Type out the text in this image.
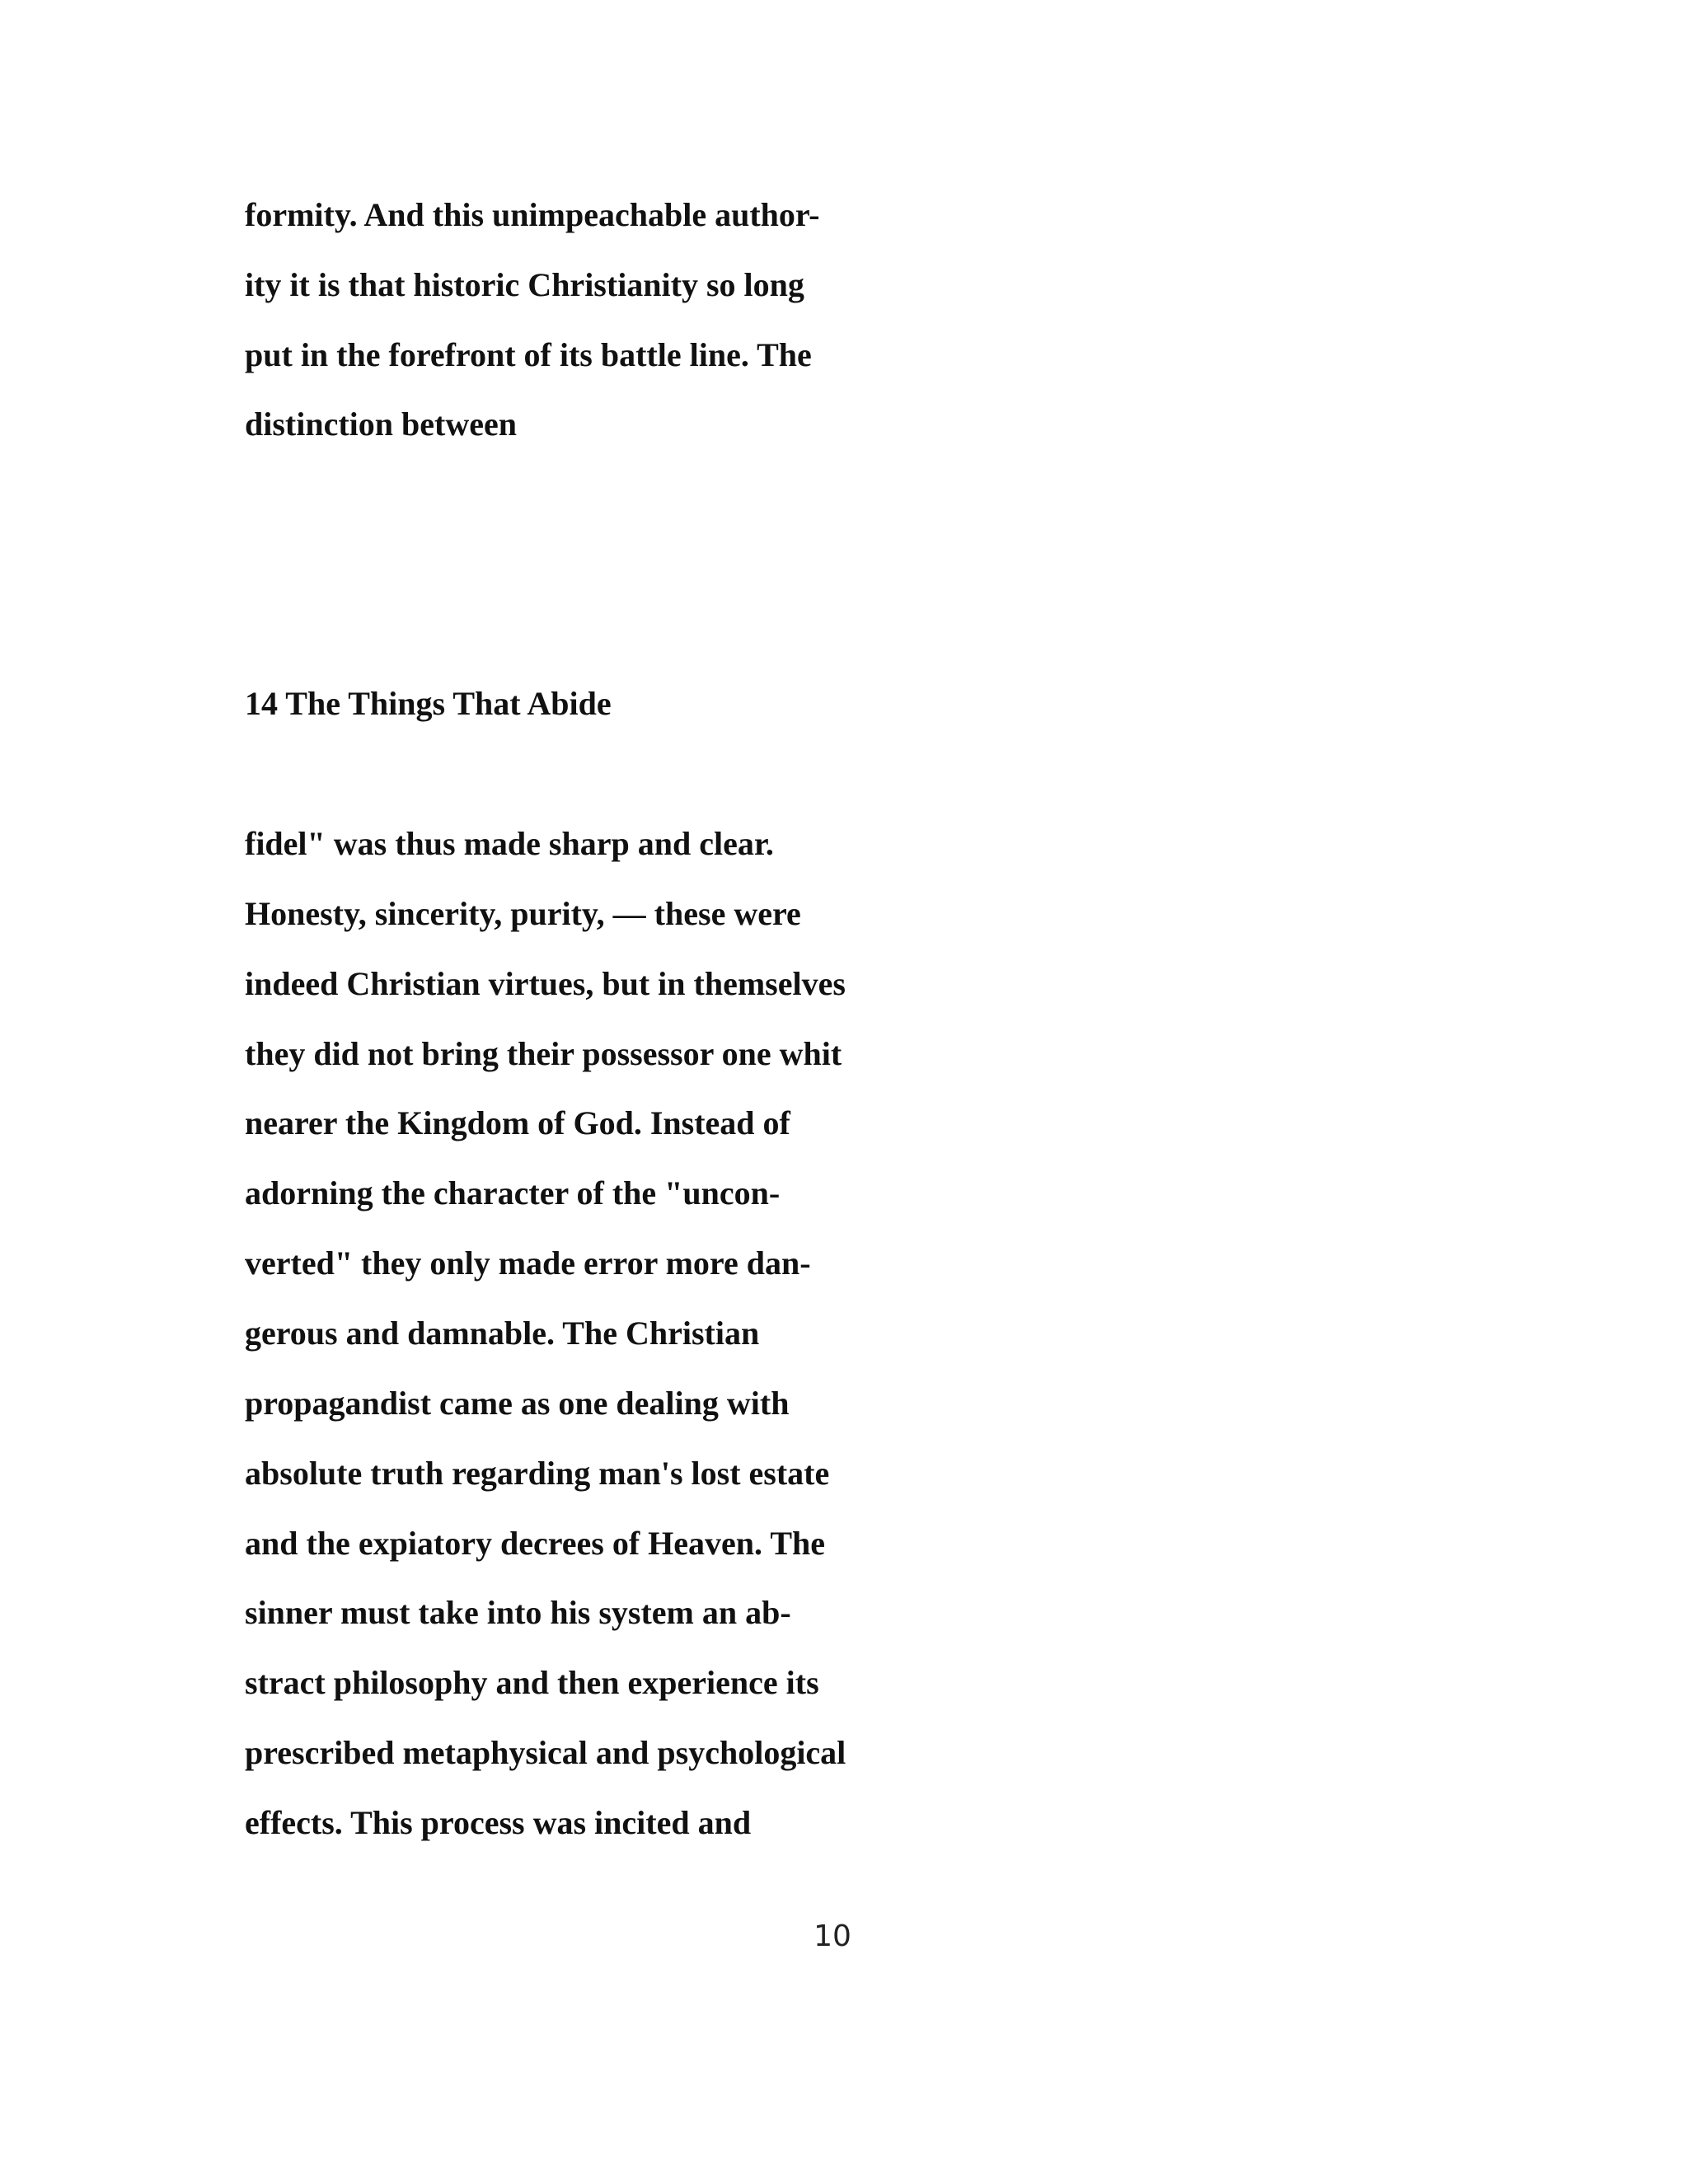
formity. And this unimpeachable author-

ity it is that historic Christianity so long

put in the forefront of its battle line. The

distinction between

14 The Things That Abide

fidel" was thus made sharp and clear.

Honesty, sincerity, purity, — these were

indeed Christian virtues, but in themselves

they did not bring their possessor one whit

nearer the Kingdom of God. Instead of

adorning the character of the "uncon-

verted" they only made error more dan-

gerous and damnable. The Christian

propagandist came as one dealing with

absolute truth regarding man's lost estate

and the expiatory decrees of Heaven. The

sinner must take into his system an ab-

stract philosophy and then experience its

prescribed metaphysical and psychological

effects. This process was incited and

10
